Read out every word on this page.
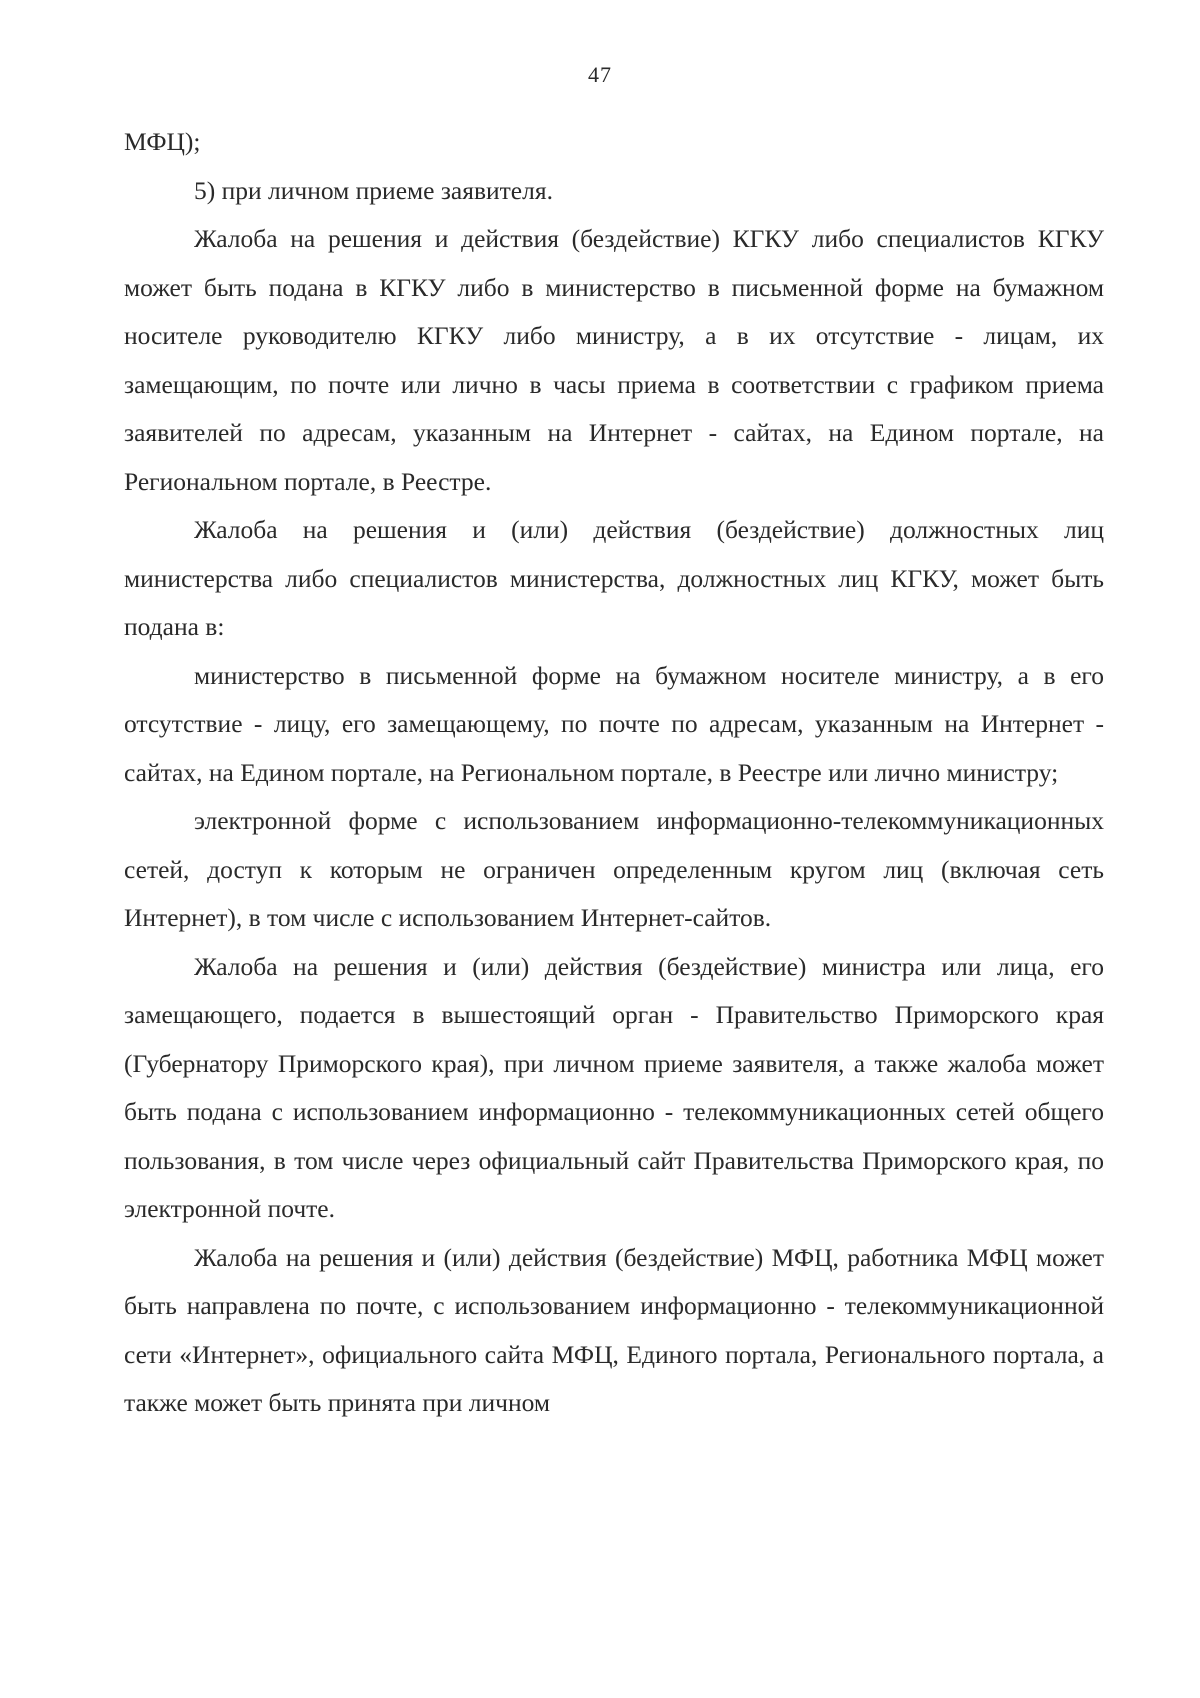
47

МФЦ);

5) при личном приеме заявителя.

Жалоба на решения и действия (бездействие) КГКУ либо специалистов КГКУ может быть подана в КГКУ либо в министерство в письменной форме на бумажном носителе руководителю КГКУ либо министру, а в их отсутствие - лицам, их замещающим, по почте или лично в часы приема в соответствии с графиком приема заявителей по адресам, указанным на Интернет - сайтах, на Едином портале, на Региональном портале, в Реестре.

Жалоба на решения и (или) действия (бездействие) должностных лиц министерства либо специалистов министерства, должностных лиц КГКУ, может быть подана в:

министерство в письменной форме на бумажном носителе министру, а в его отсутствие - лицу, его замещающему, по почте по адресам, указанным на Интернет - сайтах, на Едином портале, на Региональном портале, в Реестре или лично министру;

электронной форме с использованием информационно-телекоммуникационных сетей, доступ к которым не ограничен определенным кругом лиц (включая сеть Интернет), в том числе с использованием Интернет-сайтов.

Жалоба на решения и (или) действия (бездействие) министра или лица, его замещающего, подается в вышестоящий орган - Правительство Приморского края (Губернатору Приморского края), при личном приеме заявителя, а также жалоба может быть подана с использованием информационно - телекоммуникационных сетей общего пользования, в том числе через официальный сайт Правительства Приморского края, по электронной почте.

Жалоба на решения и (или) действия (бездействие) МФЦ, работника МФЦ может быть направлена по почте, с использованием информационно - телекоммуникационной сети «Интернет», официального сайта МФЦ, Единого портала, Регионального портала, а также может быть принята при личном
